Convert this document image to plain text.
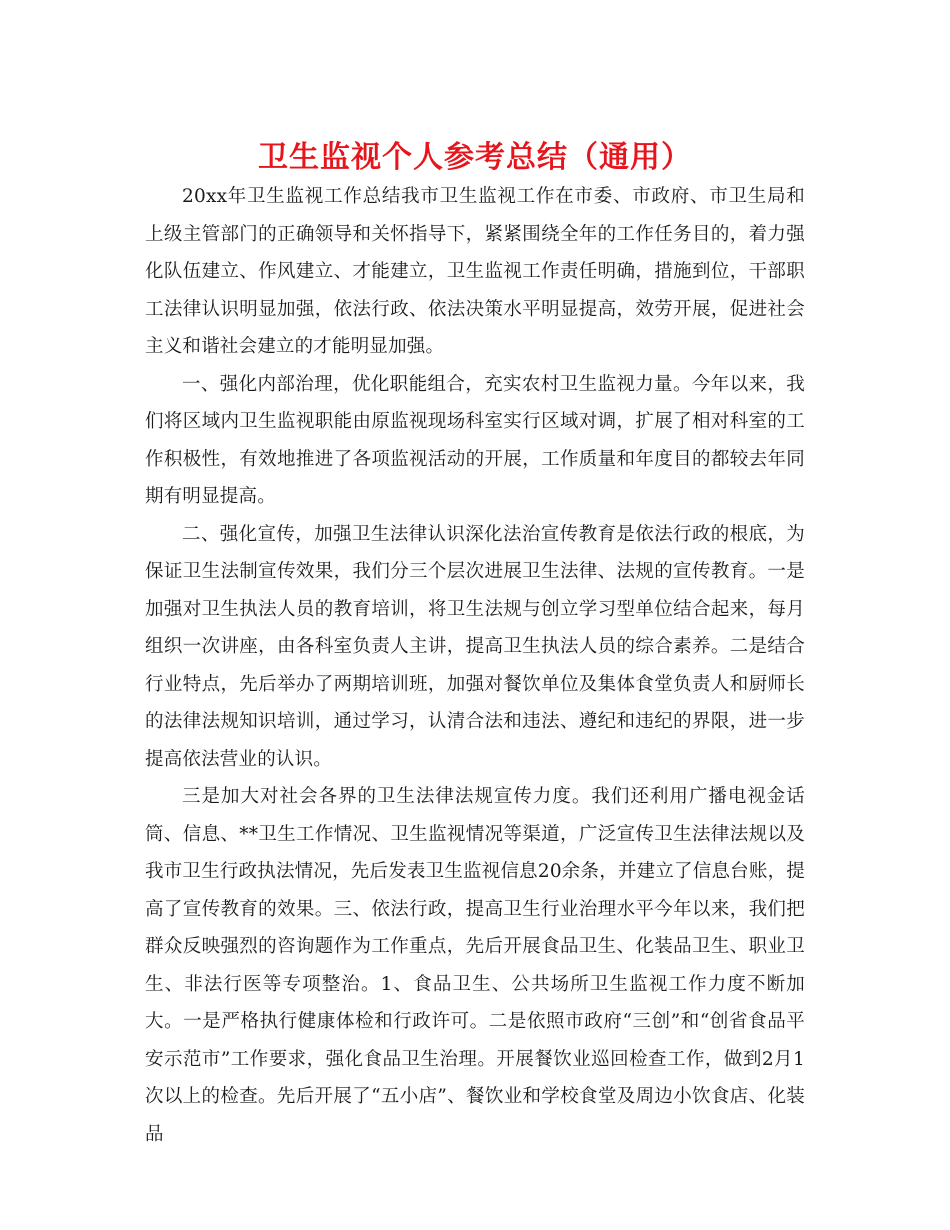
卫生监视个人参考总结（通用）

20xx年卫生监视工作总结我市卫生监视工作在市委、市政府、市卫生局和上级主管部门的正确领导和关怀指导下，紧紧围绕全年的工作任务目的，着力强化队伍建立、作风建立、才能建立，卫生监视工作责任明确，措施到位，干部职工法律认识明显加强，依法行政、依法决策水平明显提高，效劳开展，促进社会主义和谐社会建立的才能明显加强。

一、强化内部治理，优化职能组合，充实农村卫生监视力量。今年以来，我们将区域内卫生监视职能由原监视现场科室实行区域对调，扩展了相对科室的工作积极性，有效地推进了各项监视活动的开展，工作质量和年度目的都较去年同期有明显提高。

二、强化宣传，加强卫生法律认识深化法治宣传教育是依法行政的根底，为保证卫生法制宣传效果，我们分三个层次进展卫生法律、法规的宣传教育。一是加强对卫生执法人员的教育培训，将卫生法规与创立学习型单位结合起来，每月组织一次讲座，由各科室负责人主讲，提高卫生执法人员的综合素养。二是结合行业特点，先后举办了两期培训班，加强对餐饮单位及集体食堂负责人和厨师长的法律法规知识培训，通过学习，认清合法和违法、遵纪和违纪的界限，进一步提高依法营业的认识。

三是加大对社会各界的卫生法律法规宣传力度。我们还利用广播电视金话筒、信息、**卫生工作情况、卫生监视情况等渠道，广泛宣传卫生法律法规以及我市卫生行政执法情况，先后发表卫生监视信息20余条，并建立了信息台账，提高了宣传教育的效果。三、依法行政，提高卫生行业治理水平今年以来，我们把群众反映强烈的咨询题作为工作重点，先后开展食品卫生、化装品卫生、职业卫生、非法行医等专项整治。1、食品卫生、公共场所卫生监视工作力度不断加大。一是严格执行健康体检和行政许可。二是依照市政府“三创”和“创省食品平安示范市”工作要求，强化食品卫生治理。开展餐饮业巡回检查工作，做到2月1次以上的检查。先后开展了“五小店”、餐饮业和学校食堂及周边小饮食店、化装品
